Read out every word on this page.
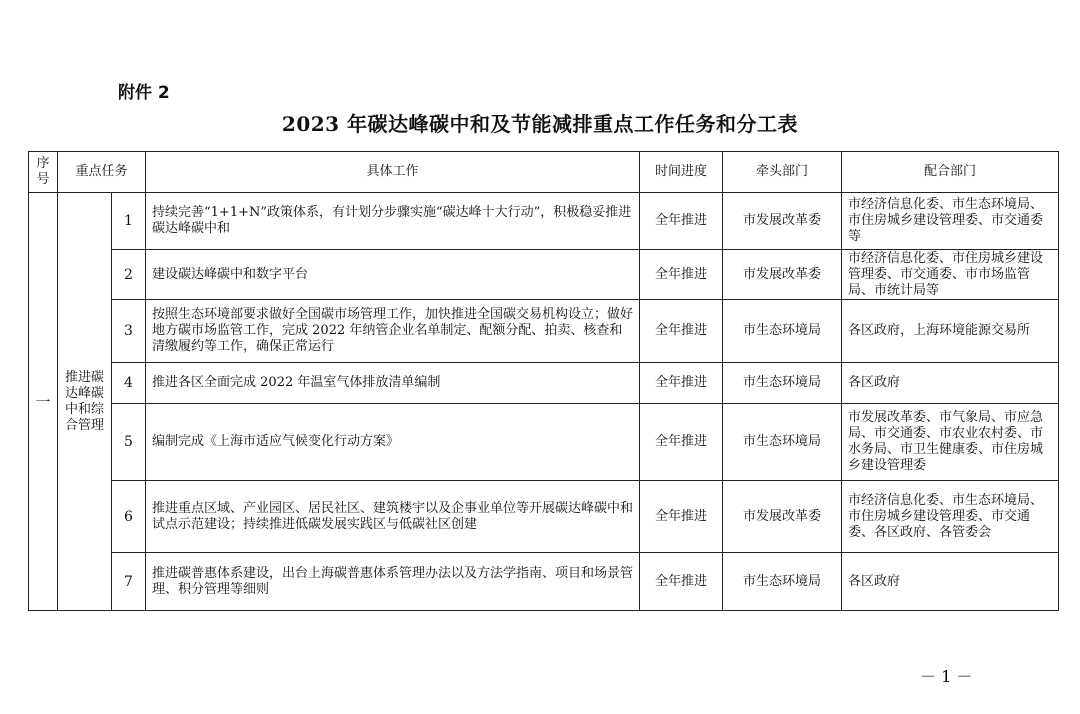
附件 2
2023 年碳达峰碳中和及节能减排重点工作任务和分工表
序号	重点任务		具体工作	时间进度	牵头部门	配合部门
一	推进碳达峰碳中和综合管理	1	持续完善“1+1+N”政策体系，有计划分步骤实施“碳达峰十大行动”，积极稳妥推进碳达峰碳中和	全年推进	市发展改革委	市经济信息化委、市生态环境局、市住房城乡建设管理委、市交通委等
		2	建设碳达峰碳中和数字平台	全年推进	市发展改革委	市经济信息化委、市住房城乡建设管理委、市交通委、市市场监管局、市统计局等
		3	按照生态环境部要求做好全国碳市场管理工作，加快推进全国碳交易机构设立；做好地方碳市场监管工作，完成 2022 年纳管企业名单制定、配额分配、拍卖、核查和清缴履约等工作，确保正常运行	全年推进	市生态环境局	各区政府，上海环境能源交易所
		4	推进各区全面完成 2022 年温室气体排放清单编制	全年推进	市生态环境局	各区政府
		5	编制完成《上海市适应气候变化行动方案》	全年推进	市生态环境局	市发展改革委、市气象局、市应急局、市交通委、市农业农村委、市水务局、市卫生健康委、市住房城乡建设管理委
		6	推进重点区域、产业园区、居民社区、建筑楼宇以及企事业单位等开展碳达峰碳中和试点示范建设；持续推进低碳发展实践区与低碳社区创建	全年推进	市发展改革委	市经济信息化委、市生态环境局、市住房城乡建设管理委、市交通委、各区政府、各管委会
		7	推进碳普惠体系建设，出台上海碳普惠体系管理办法以及方法学指南、项目和场景管理、积分管理等细则	全年推进	市生态环境局	各区政府
－ 1 －
